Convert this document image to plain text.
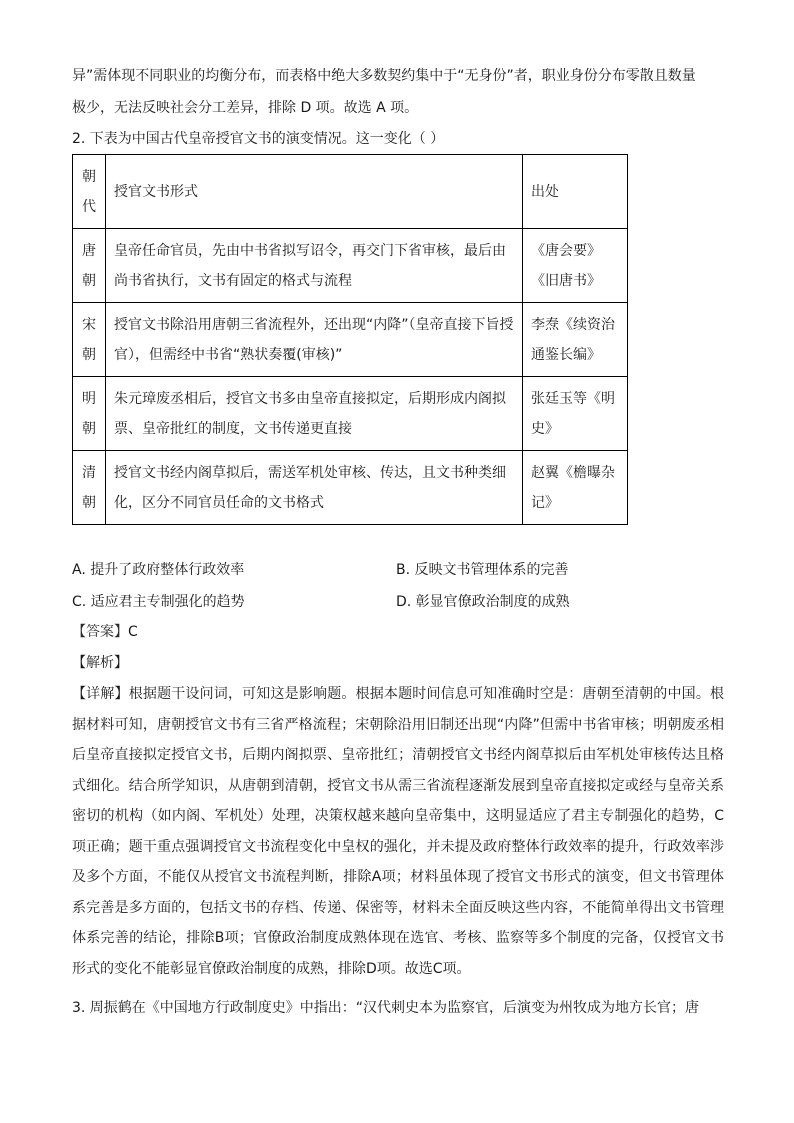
异”需体现不同职业的均衡分布，而表格中绝大多数契约集中于“无身份”者，职业身份分布零散且数量
极少，无法反映社会分工差异，排除 D 项。故选 A 项。
2. 下表为中国古代皇帝授官文书的演变情况。这一变化（ ）
朝代	授官文书形式	出处
唐朝	皇帝任命官员，先由中书省拟写诏令，再交门下省审核，最后由尚书省执行，文书有固定的格式与流程	《唐会要》《旧唐书》
宋朝	授官文书除沿用唐朝三省流程外，还出现“内降”（皇帝直接下旨授官），但需经中书省“熟状奏覆(审核)”	李焘《续资治通鉴长编》
明朝	朱元璋废丞相后，授官文书多由皇帝直接拟定，后期形成内阁拟票、皇帝批红的制度，文书传递更直接	张廷玉等《明史》
清朝	授官文书经内阁草拟后，需送军机处审核、传达，且文书种类细化，区分不同官员任命的文书格式	赵翼《檐曝杂记》
A. 提升了政府整体行政效率	B. 反映文书管理体系的完善
C. 适应君主专制强化的趋势	D. 彰显官僚政治制度的成熟
【答案】C
【解析】
【详解】根据题干设问词，可知这是影响题。根据本题时间信息可知准确时空是：唐朝至清朝的中国。根据材料可知，唐朝授官文书有三省严格流程；宋朝除沿用旧制还出现“内降”但需中书省审核；明朝废丞相后皇帝直接拟定授官文书，后期内阁拟票、皇帝批红；清朝授官文书经内阁草拟后由军机处审核传达且格式细化。结合所学知识，从唐朝到清朝，授官文书从需三省流程逐渐发展到皇帝直接拟定或经与皇帝关系密切的机构（如内阁、军机处）处理，决策权越来越向皇帝集中，这明显适应了君主专制强化的趋势，C项正确；题干重点强调授官文书流程变化中皇权的强化，并未提及政府整体行政效率的提升，行政效率涉及多个方面，不能仅从授官文书流程判断，排除A项；材料虽体现了授官文书形式的演变，但文书管理体系完善是多方面的，包括文书的存档、传递、保密等，材料未全面反映这些内容，不能简单得出文书管理体系完善的结论，排除B项；官僚政治制度成熟体现在选官、考核、监察等多个制度的完备，仅授官文书形式的变化不能彰显官僚政治制度的成熟，排除D项。故选C项。
3. 周振鹤在《中国地方行政制度史》中指出：“汉代刺史本为监察官，后演变为州牧成为地方长官；唐
